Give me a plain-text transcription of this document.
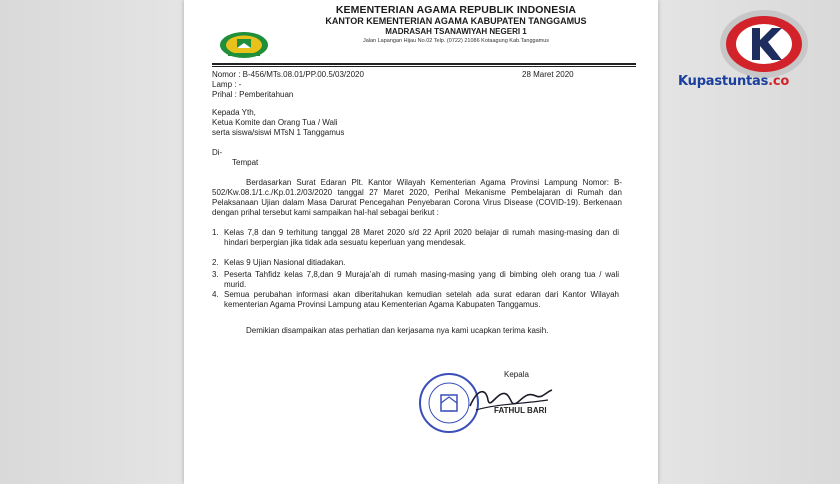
KEMENTERIAN AGAMA REPUBLIK INDONESIA
KANTOR KEMENTERIAN AGAMA KABUPATEN TANGGAMUS
MADRASAH TSANAWIYAH NEGERI 1
Jalan Lapangan Hijau No.02 Telp. (0722) 21086 Kotaagung Kab.Tanggamus
Nomor : B-456/MTs.08.01/PP.00.5/03/2020	28 Maret 2020
Lamp : -
Prihal : Pemberitahuan
Kepada Yth,
Ketua Komite dan Orang Tua / Wali
serta siswa/siswi MTsN 1 Tanggamus
Di-
Tempat
Berdasarkan Surat Edaran Plt. Kantor Wilayah Kementerian Agama Provinsi Lampung Nomor: B-502/Kw.08.1/1.c./Kp.01.2/03/2020 tanggal 27 Maret 2020, Perihal Mekanisme Pembelajaran di Rumah dan Pelaksanaan Ujian dalam Masa Darurat Pencegahan Penyebaran Corona Virus Disease (COVID-19). Berkenaan dengan prihal tersebut kami sampaikan hal-hal sebagai berikut :
1. Kelas 7,8 dan 9 terhitung tanggal 28 Maret 2020 s/d 22 April 2020 belajar di rumah masing-masing dan di hindari berpergian jika tidak ada sesuatu keperluan yang mendesak.
2. Kelas 9 Ujian Nasional ditiadakan.
3. Peserta Tahfidz kelas 7,8,dan 9 Muraja’ah di rumah masing-masing yang di bimbing oleh orang tua / wali murid.
4. Semua perubahan informasi akan diberitahukan kemudian setelah ada surat edaran dari Kantor Wilayah kementerian Agama Provinsi Lampung atau Kementerian Agama Kabupaten Tanggamus.
Demikian disampaikan atas perhatian dan kerjasama nya kami ucapkan terima kasih.
Kepala
FATHUL BARI
Kupastuntas.co
